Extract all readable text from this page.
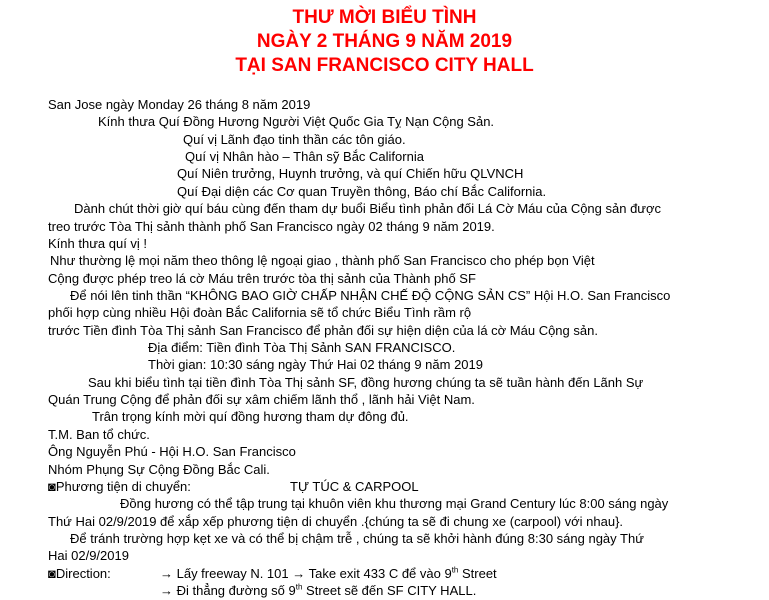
THƯ MỜI BIỂU TÌNH
NGÀY 2 THÁNG 9 NĂM 2019
TẠI SAN FRANCISCO CITY HALL
San Jose ngày Monday 26 tháng 8 năm 2019
Kính thưa Quí Đồng Hương Người Việt Quốc Gia Tỵ Nạn Cộng Sản.
Quí vị Lãnh đạo tinh thần các tôn giáo.
Quí vị Nhân hào – Thân sỹ Bắc California
Quí Niên trưởng, Huynh trưởng, và quí Chiến hữu QLVNCH
Quí Đại diện các Cơ quan Truyền thông, Báo chí Bắc California.
Dành chút thời giờ quí báu cùng đến tham dự buổi Biểu tình phản đối Lá Cờ Máu của Cộng sản được
treo trước Tòa Thị sảnh thành phố San Francisco ngày 02 tháng 9 năm 2019.
Kính thưa quí vị !
Như thường lệ mọi năm theo thông lệ ngoại giao , thành phố San Francisco cho phép bọn Việt
Cộng được phép treo lá cờ Máu trên trước tòa thị sảnh của Thành phố SF
Để nói lên tinh thần “KHÔNG BAO GIỜ CHẤP NHẬN CHẾ ĐỘ CỘNG SẢN CS” Hội H.O. San Francisco
phối hợp cùng nhiều Hội đoàn Bắc California sẽ tổ chức Biểu Tình rầm rộ
trước Tiền đình Tòa Thị sảnh San Francisco để phản đối sự hiện diện của lá cờ Máu Cộng sản.
Địa điểm: Tiền đình Tòa Thị Sảnh SAN FRANCISCO.
Thời gian: 10:30 sáng ngày Thứ Hai 02 tháng 9 năm 2019
Sau khi biểu tình tại tiền đình Tòa Thị sảnh SF, đồng hương chúng ta sẽ tuần hành đến Lãnh Sự
Quán Trung Cộng để phản đối sự xâm chiếm lãnh thổ , lãnh hải Việt Nam.
Trân trọng kính mời quí đồng hương tham dự đông đủ.
T.M. Ban tổ chức.
Ông Nguyễn Phú - Hội H.O. San Francisco
Nhóm Phụng Sự Cộng Đồng Bắc Cali.
◙Phương tiện di chuyển:	TỰ TÚC & CARPOOL
Đồng hương có thể tập trung tại khuôn viên khu thương mại Grand Century lúc 8:00 sáng ngày
Thứ Hai 02/9/2019 để xắp xếp phương tiện di chuyển .{chúng ta sẽ đi chung xe (carpool) với nhau}.
Để tránh trường hợp kẹt xe và có thể bị chậm trễ , chúng ta sẽ khởi hành đúng 8:30 sáng ngày Thứ
Hai 02/9/2019
◙Direction:	→ Lấy freeway N. 101 → Take exit 433 C để vào 9th Street
→ Đi thẳng đường số 9th Street sẽ đến SF CITY HALL.
